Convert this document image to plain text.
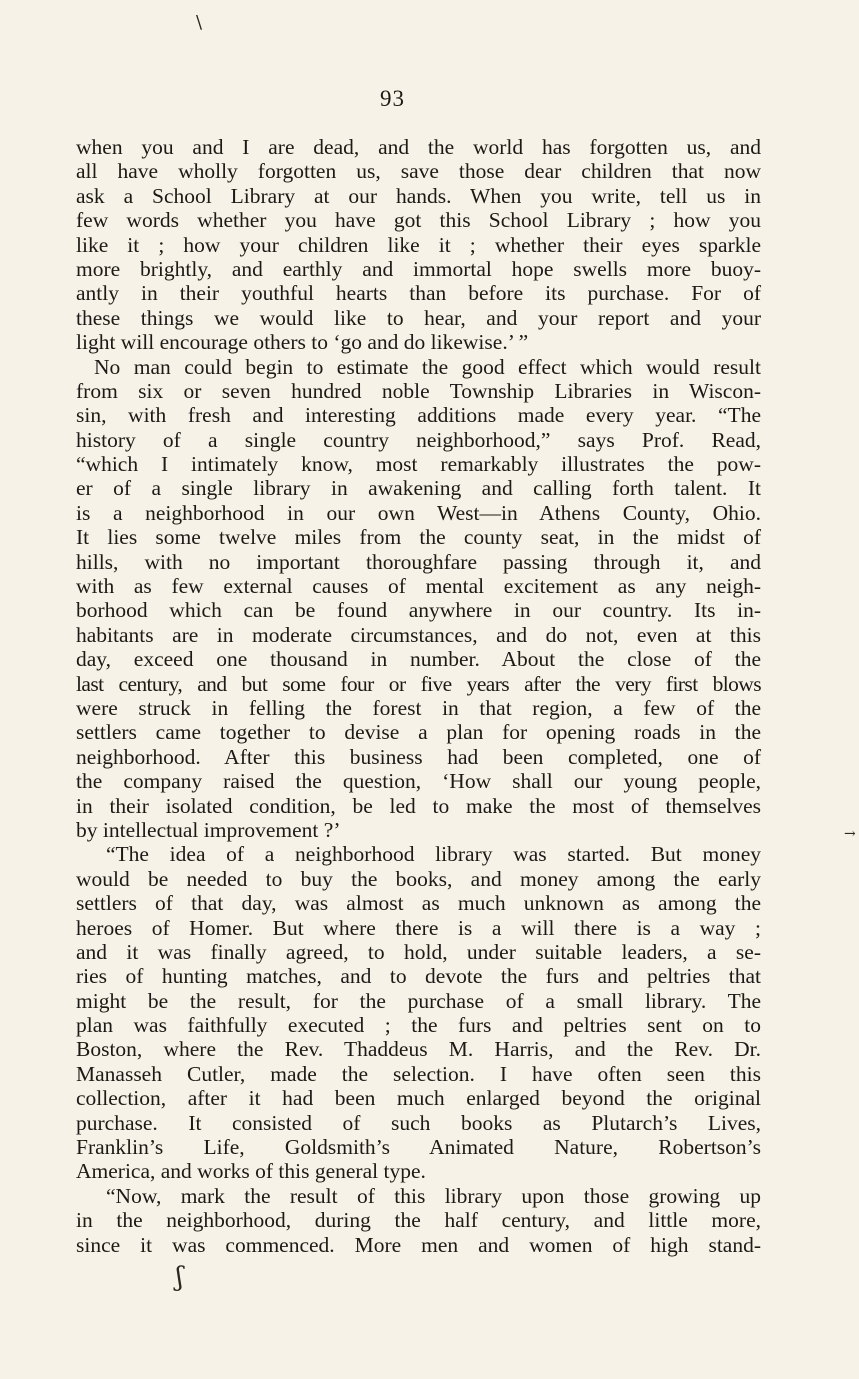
\
93
when you and I are dead, and the world has forgotten us, and
all have wholly forgotten us, save those dear children that now
ask a School Library at our hands. When you write, tell us in
few words whether you have got this School Library ; how you
like it ; how your children like it ; whether their eyes sparkle
more brightly, and earthly and immortal hope swells more buoy-
antly in their youthful hearts than before its purchase. For of
these things we would like to hear, and your report and your
light will encourage others to ‘go and do likewise.’ ”
No man could begin to estimate the good effect which would result
from six or seven hundred noble Township Libraries in Wiscon-
sin, with fresh and interesting additions made every year. “The
history of a single country neighborhood,” says Prof. Read,
“which I intimately know, most remarkably illustrates the pow-
er of a single library in awakening and calling forth talent. It
is a neighborhood in our own West—in Athens County, Ohio.
It lies some twelve miles from the county seat, in the midst of
hills, with no important thoroughfare passing through it, and
with as few external causes of mental excitement as any neigh-
borhood which can be found anywhere in our country. Its in-
habitants are in moderate circumstances, and do not, even at this
day, exceed one thousand in number. About the close of the
last century, and but some four or five years after the very first blows
were struck in felling the forest in that region, a few of the
settlers came together to devise a plan for opening roads in the
neighborhood. After this business had been completed, one of
the company raised the question, ‘How shall our young people,
in their isolated condition, be led to make the most of themselves
by intellectual improvement ?’
“The idea of a neighborhood library was started. But money
would be needed to buy the books, and money among the early
settlers of that day, was almost as much unknown as among the
heroes of Homer. But where there is a will there is a way ;
and it was finally agreed, to hold, under suitable leaders, a se-
ries of hunting matches, and to devote the furs and peltries that
might be the result, for the purchase of a small library. The
plan was faithfully executed ; the furs and peltries sent on to
Boston, where the Rev. Thaddeus M. Harris, and the Rev. Dr.
Manasseh Cutler, made the selection. I have often seen this
collection, after it had been much enlarged beyond the original
purchase. It consisted of such books as Plutarch’s Lives,
Franklin’s Life, Goldsmith’s Animated Nature, Robertson’s
America, and works of this general type.
“Now, mark the result of this library upon those growing up
in the neighborhood, during the half century, and little more,
since it was commenced. More men and women of high stand-
→
ʃ
